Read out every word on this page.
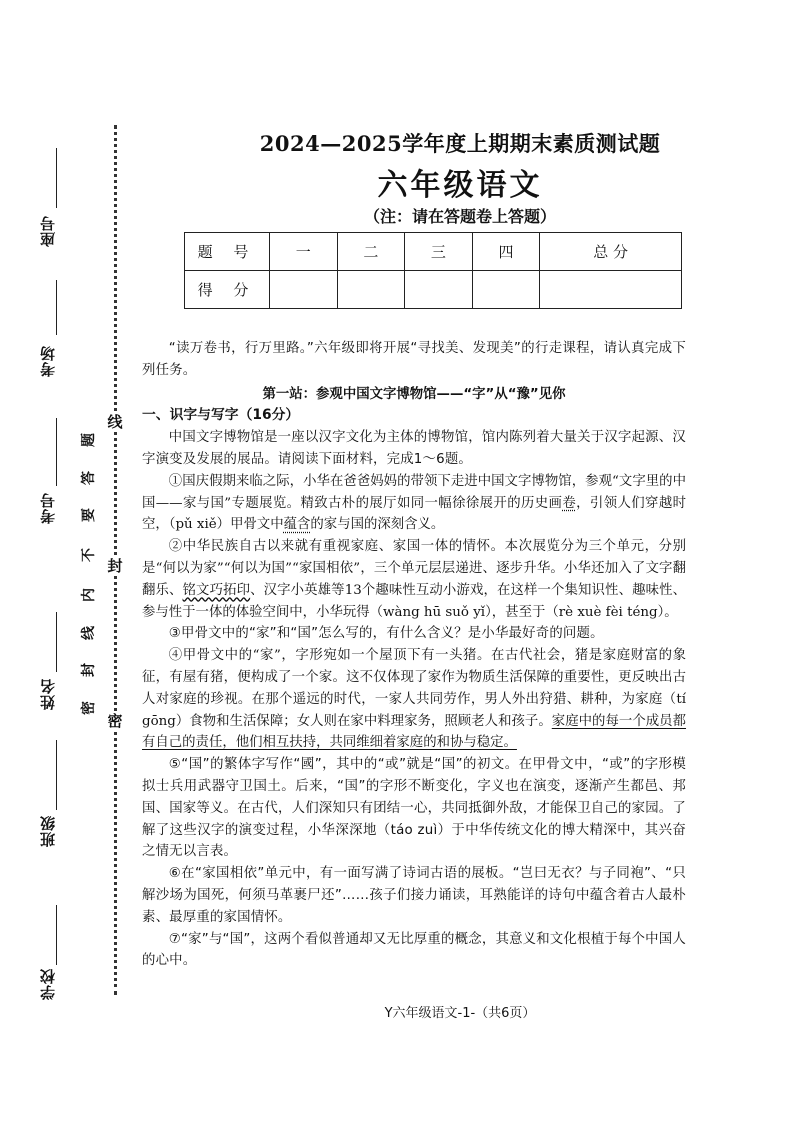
座号
考场
考号
姓名
班级
学校
线
封
密
题
答
要
不
内
线
封
密
2024—2025学年度上期期末素质测试题
六年级语文
（注：请在答题卷上答题）
题 号	一	二	三	四	总 分
得 分					

“读万卷书，行万里路。”六年级即将开展“寻找美、发现美”的行走课程，请认真完成下列任务。

第一站：参观中国文字博物馆——“字”从“豫”见你

一、识字与写字（16分）

中国文字博物馆是一座以汉字文化为主体的博物馆，馆内陈列着大量关于汉字起源、汉字演变及发展的展品。请阅读下面材料，完成1～6题。

①国庆假期来临之际，小华在爸爸妈妈的带领下走进中国文字博物馆，参观“文字里的中国——家与国”专题展览。精致古朴的展厅如同一幅徐徐展开的历史画卷，引领人们穿越时空，（pǔ xiě）甲骨文中蕴含的家与国的深刻含义。

②中华民族自古以来就有重视家庭、家国一体的情怀。本次展览分为三个单元，分别是“何以为家”“何以为国”“家国相依”，三个单元层层递进、逐步升华。小华还加入了文字翻翻乐、铭文巧拓印、汉字小英雄等13个趣味性互动小游戏，在这样一个集知识性、趣味性、参与性于一体的体验空间中，小华玩得（wàng hū suǒ yǐ），甚至于（rè xuè fèi téng）。

③甲骨文中的“家”和“国”怎么写的，有什么含义？是小华最好奇的问题。

④甲骨文中的“家”，字形宛如一个屋顶下有一头猪。在古代社会，猪是家庭财富的象征，有屋有猪，便构成了一个家。这不仅体现了家作为物质生活保障的重要性，更反映出古人对家庭的珍视。在那个遥远的时代，一家人共同劳作，男人外出狩猎、耕种，为家庭（tí gōng）食物和生活保障；女人则在家中料理家务，照顾老人和孩子。家庭中的每一个成员都有自己的责任，他们相互扶持，共同维细着家庭的和协与稳定。

⑤“国”的繁体字写作“國”，其中的“或”就是“国”的初文。在甲骨文中，“或”的字形模拟士兵用武器守卫国土。后来，“国”的字形不断变化，字义也在演变，逐渐产生都邑、邦国、国家等义。在古代，人们深知只有团结一心，共同抵御外敌，才能保卫自己的家园。了解了这些汉字的演变过程，小华深深地（táo zuì）于中华传统文化的博大精深中，其兴奋之情无以言表。

⑥在“家国相依”单元中，有一面写满了诗词古语的展板。“岂曰无衣？与子同袍”、“只解沙场为国死，何须马革裹尸还”……孩子们接力诵读，耳熟能详的诗句中蕴含着古人最朴素、最厚重的家国情怀。

⑦“家”与“国”，这两个看似普通却又无比厚重的概念，其意义和文化根植于每个中国人的心中。

Y六年级语文-1-（共6页）
